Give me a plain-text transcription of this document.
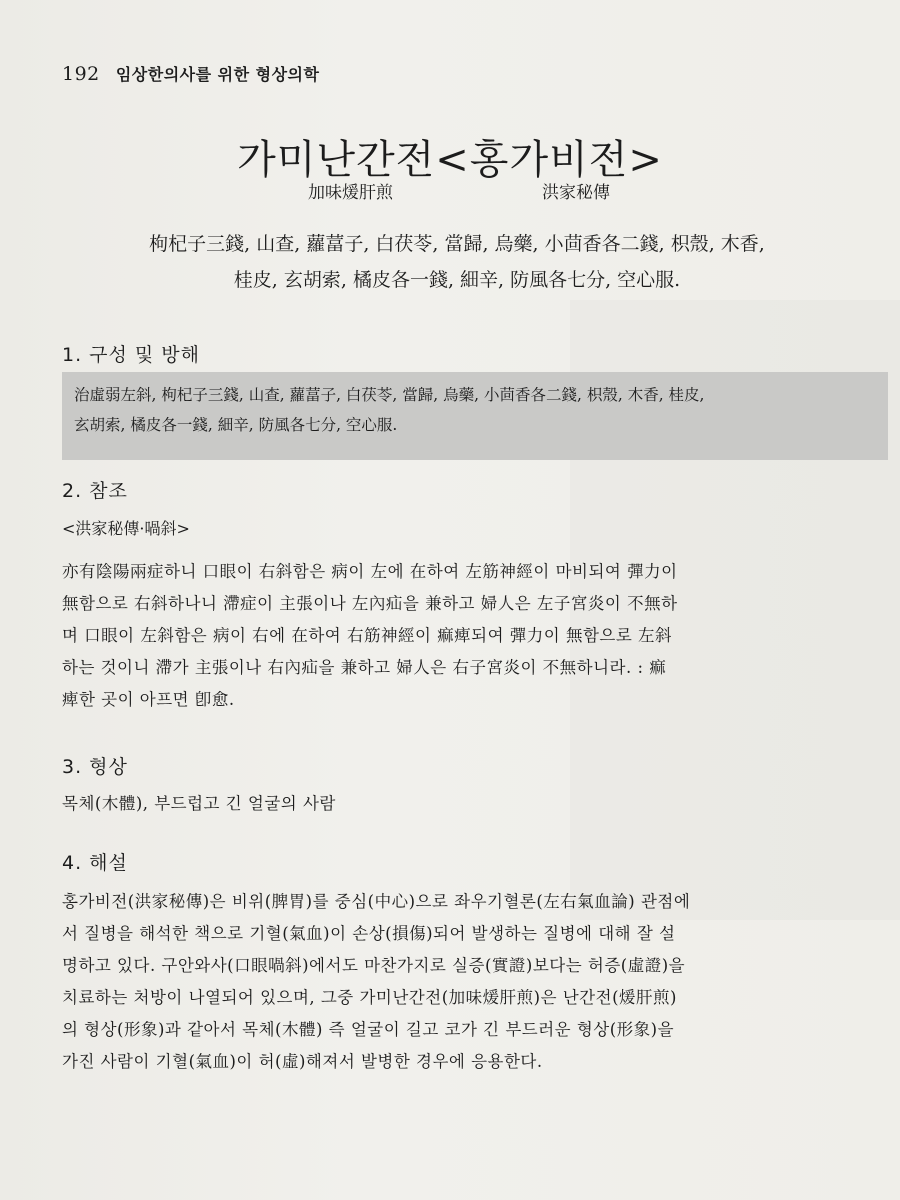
192 임상한의사를 위한 형상의학
가미난간전<홍가비전>
加味煖肝煎	洪家秘傳
枸杞子三錢, 山查, 蘿葍子, 白茯苓, 當歸, 烏藥, 小茴香各二錢, 枳殼, 木香,
桂皮, 玄胡索, 橘皮各一錢, 細辛, 防風各七分, 空心服.
1. 구성 및 방해
治虛弱左斜, 枸杞子三錢, 山查, 蘿葍子, 白茯苓, 當歸, 烏藥, 小茴香各二錢, 枳殼, 木香, 桂皮,
玄胡索, 橘皮各一錢, 細辛, 防風各七分, 空心服.
2. 참조
<洪家秘傳·喎斜>
亦有陰陽兩症하니 口眼이 右斜함은 病이 左에 在하여 左筋神經이 마비되여 彈力이
無함으로 右斜하나니 滯症이 主張이나 左內疝을 兼하고 婦人은 左子宮炎이 不無하
며 口眼이 左斜함은 病이 右에 在하여 右筋神經이 痲痺되여 彈力이 無함으로 左斜
하는 것이니 滯가 主張이나 右內疝을 兼하고 婦人은 右子宮炎이 不無하니라. : 痲
痺한 곳이 아프면 卽愈.
3. 형상
목체(木體), 부드럽고 긴 얼굴의 사람
4. 해설
홍가비전(洪家秘傳)은 비위(脾胃)를 중심(中心)으로 좌우기혈론(左右氣血論) 관점에
서 질병을 해석한 책으로 기혈(氣血)이 손상(損傷)되어 발생하는 질병에 대해 잘 설
명하고 있다. 구안와사(口眼喎斜)에서도 마찬가지로 실증(實證)보다는 허증(虛證)을
치료하는 처방이 나열되어 있으며, 그중 가미난간전(加味煖肝煎)은 난간전(煖肝煎)
의 형상(形象)과 같아서 목체(木體) 즉 얼굴이 길고 코가 긴 부드러운 형상(形象)을
가진 사람이 기혈(氣血)이 허(虛)해져서 발병한 경우에 응용한다.
